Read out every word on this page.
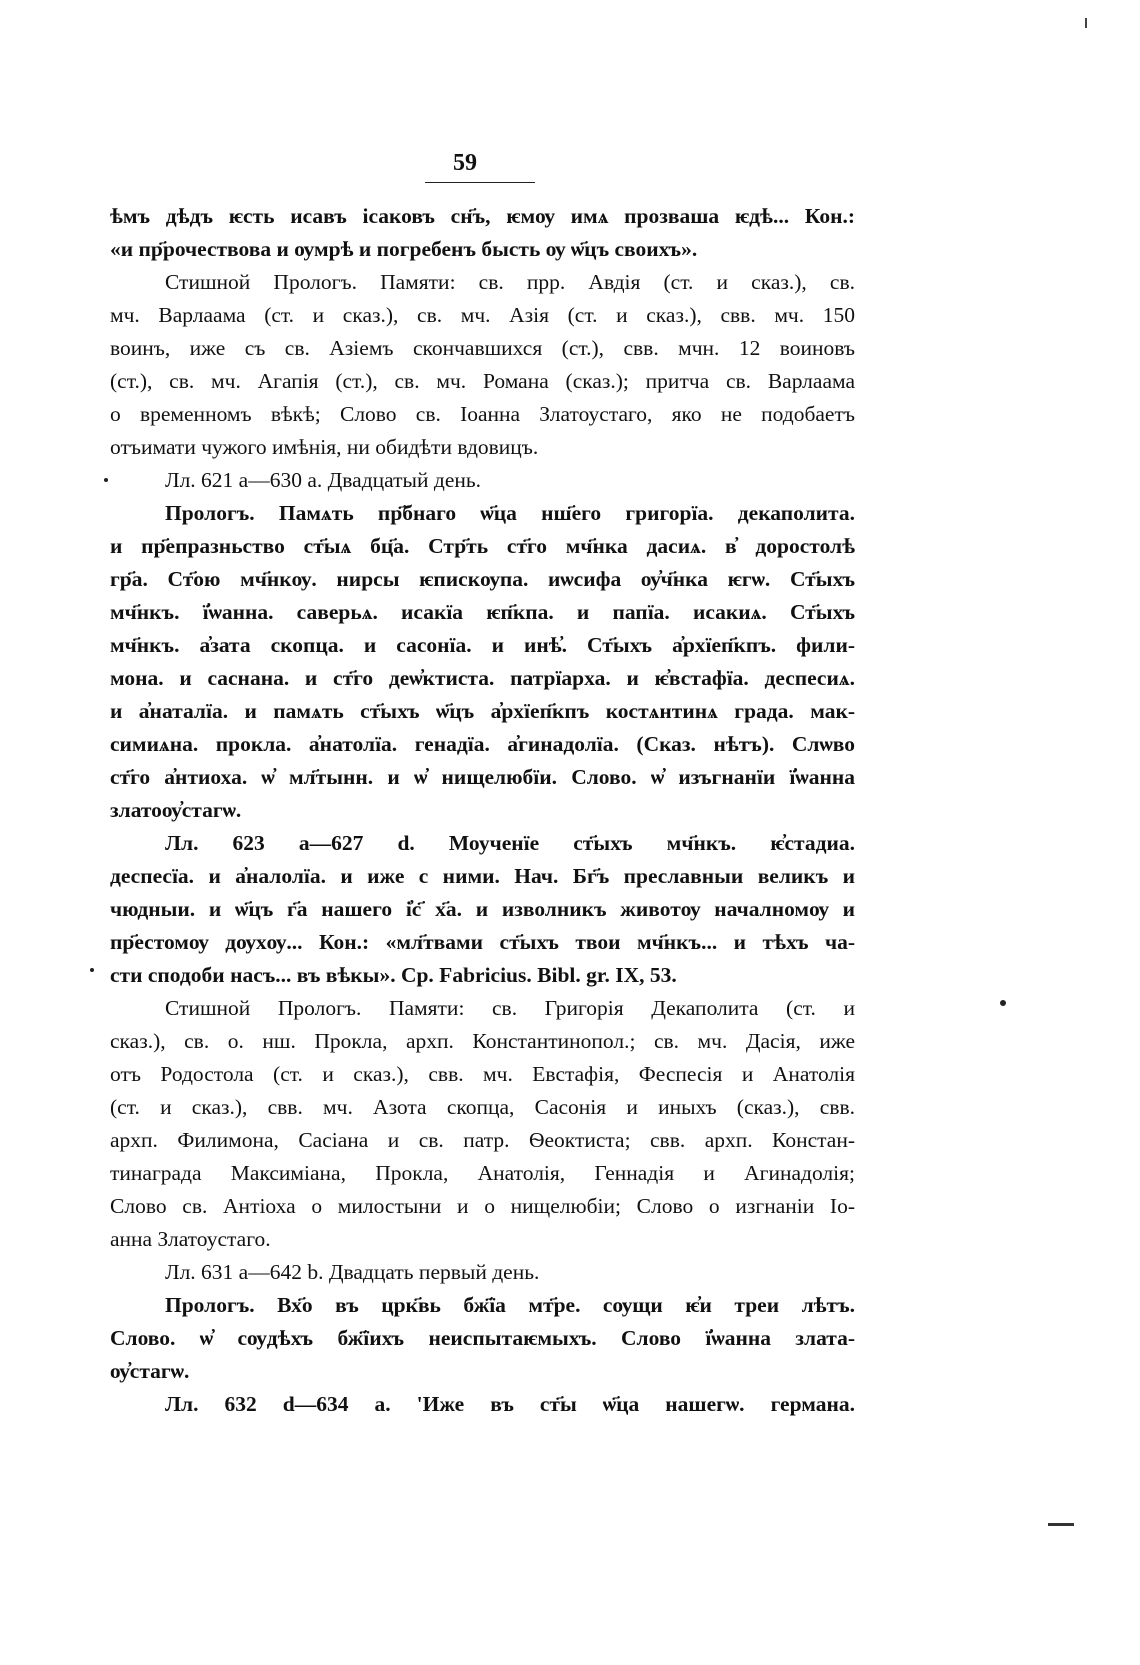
59
ѣмъ дѣдъ ѥсть исавъ ісаковъ сн҃ъ, ѥмѹ имѧ прозваша ѥдѣ... Кон.:
«и пр҃рочествова и ѹмрѣ и погребенъ бысть ѹ ѡ҃цъ своихъ».
Стишной Прологъ. Памяти: св. прр. Авдія (ст. и сказ.), св.
мч. Варлаама (ст. и сказ.), св. мч. Азія (ст. и сказ.), свв. мч. 150
воинъ, иже съ св. Азіемъ скончавшихся (ст.), свв. мчн. 12 воиновъ
(ст.), св. мч. Агапія (ст.), св. мч. Романа (сказ.); притча св. Варлаама
о временномъ вѣкѣ; Слово св. Іоанна Златоустаго, яко не подобаетъ
отъимати чужого имѣнія, ни обидѣти вдовицъ.
Лл. 621 а—630 а. Двадцатый день.
Прологъ. Памѧть пр҃бнаго ѡ҃ца нш҃его григорїа. декаполита.
и пр҃епразньство ст҃ыѧ бц҃а. Стр҃ть ст҃го мч҃нка дасиѧ. в҆ доростолѣ
гр҃а. Ст҃ою мч҃нкѹ. нирсы ѥпискѹпа. иѡсифа ѹ҆ч҃нка ѥгѡ. Ст҃ыхъ
мч҃нкъ. ї҆ѡанна. саверьѧ. исакїа ѥп҃кпа. и папїа. исакиѧ. Ст҃ыхъ
мч҃нкъ. а҆зата скопца. и сасонїа. и инѣ҆. Ст҃ыхъ а҆рхїеп҃кпъ. фили-
мона. и саснана. и ст҃го деѡ҆ктиста. патрїарха. и ѥ҆встафїа. деспесиѧ.
и а҆наталїа. и памѧть ст҃ыхъ ѡ҃цъ а҆рхїеп҃кпъ костѧнтинѧ града. мак-
симиѧна. прокла. а҆натолїа. генадїа. а҆гинадолїа. (Сказ. нѣтъ). Слѡво
ст҃го а҆нтиоха. ѡ҆ мл҃тынн. и ѡ҆ нищелюбїи. Слово. ѡ҆ изъгнанїи ї҆ѡанна
златоѹ҆стагѡ.
Лл. 623 а—627 d. Моученїе ст҃ыхъ мч҃нкъ. ѥ҆стадиа.
деспесїа. и а҆налолїа. и иже с ними. Нач. Бг҃ъ преславныи великъ и
чюдныи. и ѡ҃цъ г҃а нашего і҆с҃ х҃а. и изволникъ животѹ началномѹ и
пр҃естомѹ дѹхѹ... Кон.: «мл҃твами ст҃ыхъ твои мч҃нкъ... и тѣхъ ча-
сти сподоби насъ... въ вѣкы». Ср. Fabricius. Bibl. gr. IX, 53.
Стишной Прологъ. Памяти: св. Григорія Декаполита (ст. и
сказ.), св. о. нш. Прокла, архп. Константинопол.; св. мч. Дасія, иже
отъ Родостола (ст. и сказ.), свв. мч. Евстафія, Феспесія и Анатолія
(ст. и сказ.), свв. мч. Азота скопца, Сасонія и иныхъ (сказ.), свв.
архп. Филимона, Сасіана и св. патр. Ѳеоктиста; свв. архп. Констан-
тинаграда Максиміана, Прокла, Анатолія, Геннадія и Агинадолія;
Слово св. Антіоха о милостыни и о нищелюбіи; Слово о изгнаніи Іо-
анна Златоустаго.
Лл. 631 а—642 b. Двадцать первый день.
Прологъ. Вх҃о въ црк҃вь бж҃їа мт҃ре. сѹщи ѥ҆и треи лѣтъ.
Слово. ѡ҆ сѹдѣхъ бж҃їихъ неиспытаѥмыхъ. Слово ї҆ѡанна злата-
ѹ҆стагѡ.
Лл. 632 d—634 а. 'Иже въ ст҃ы ѡ҃ца нашегѡ. германа.
